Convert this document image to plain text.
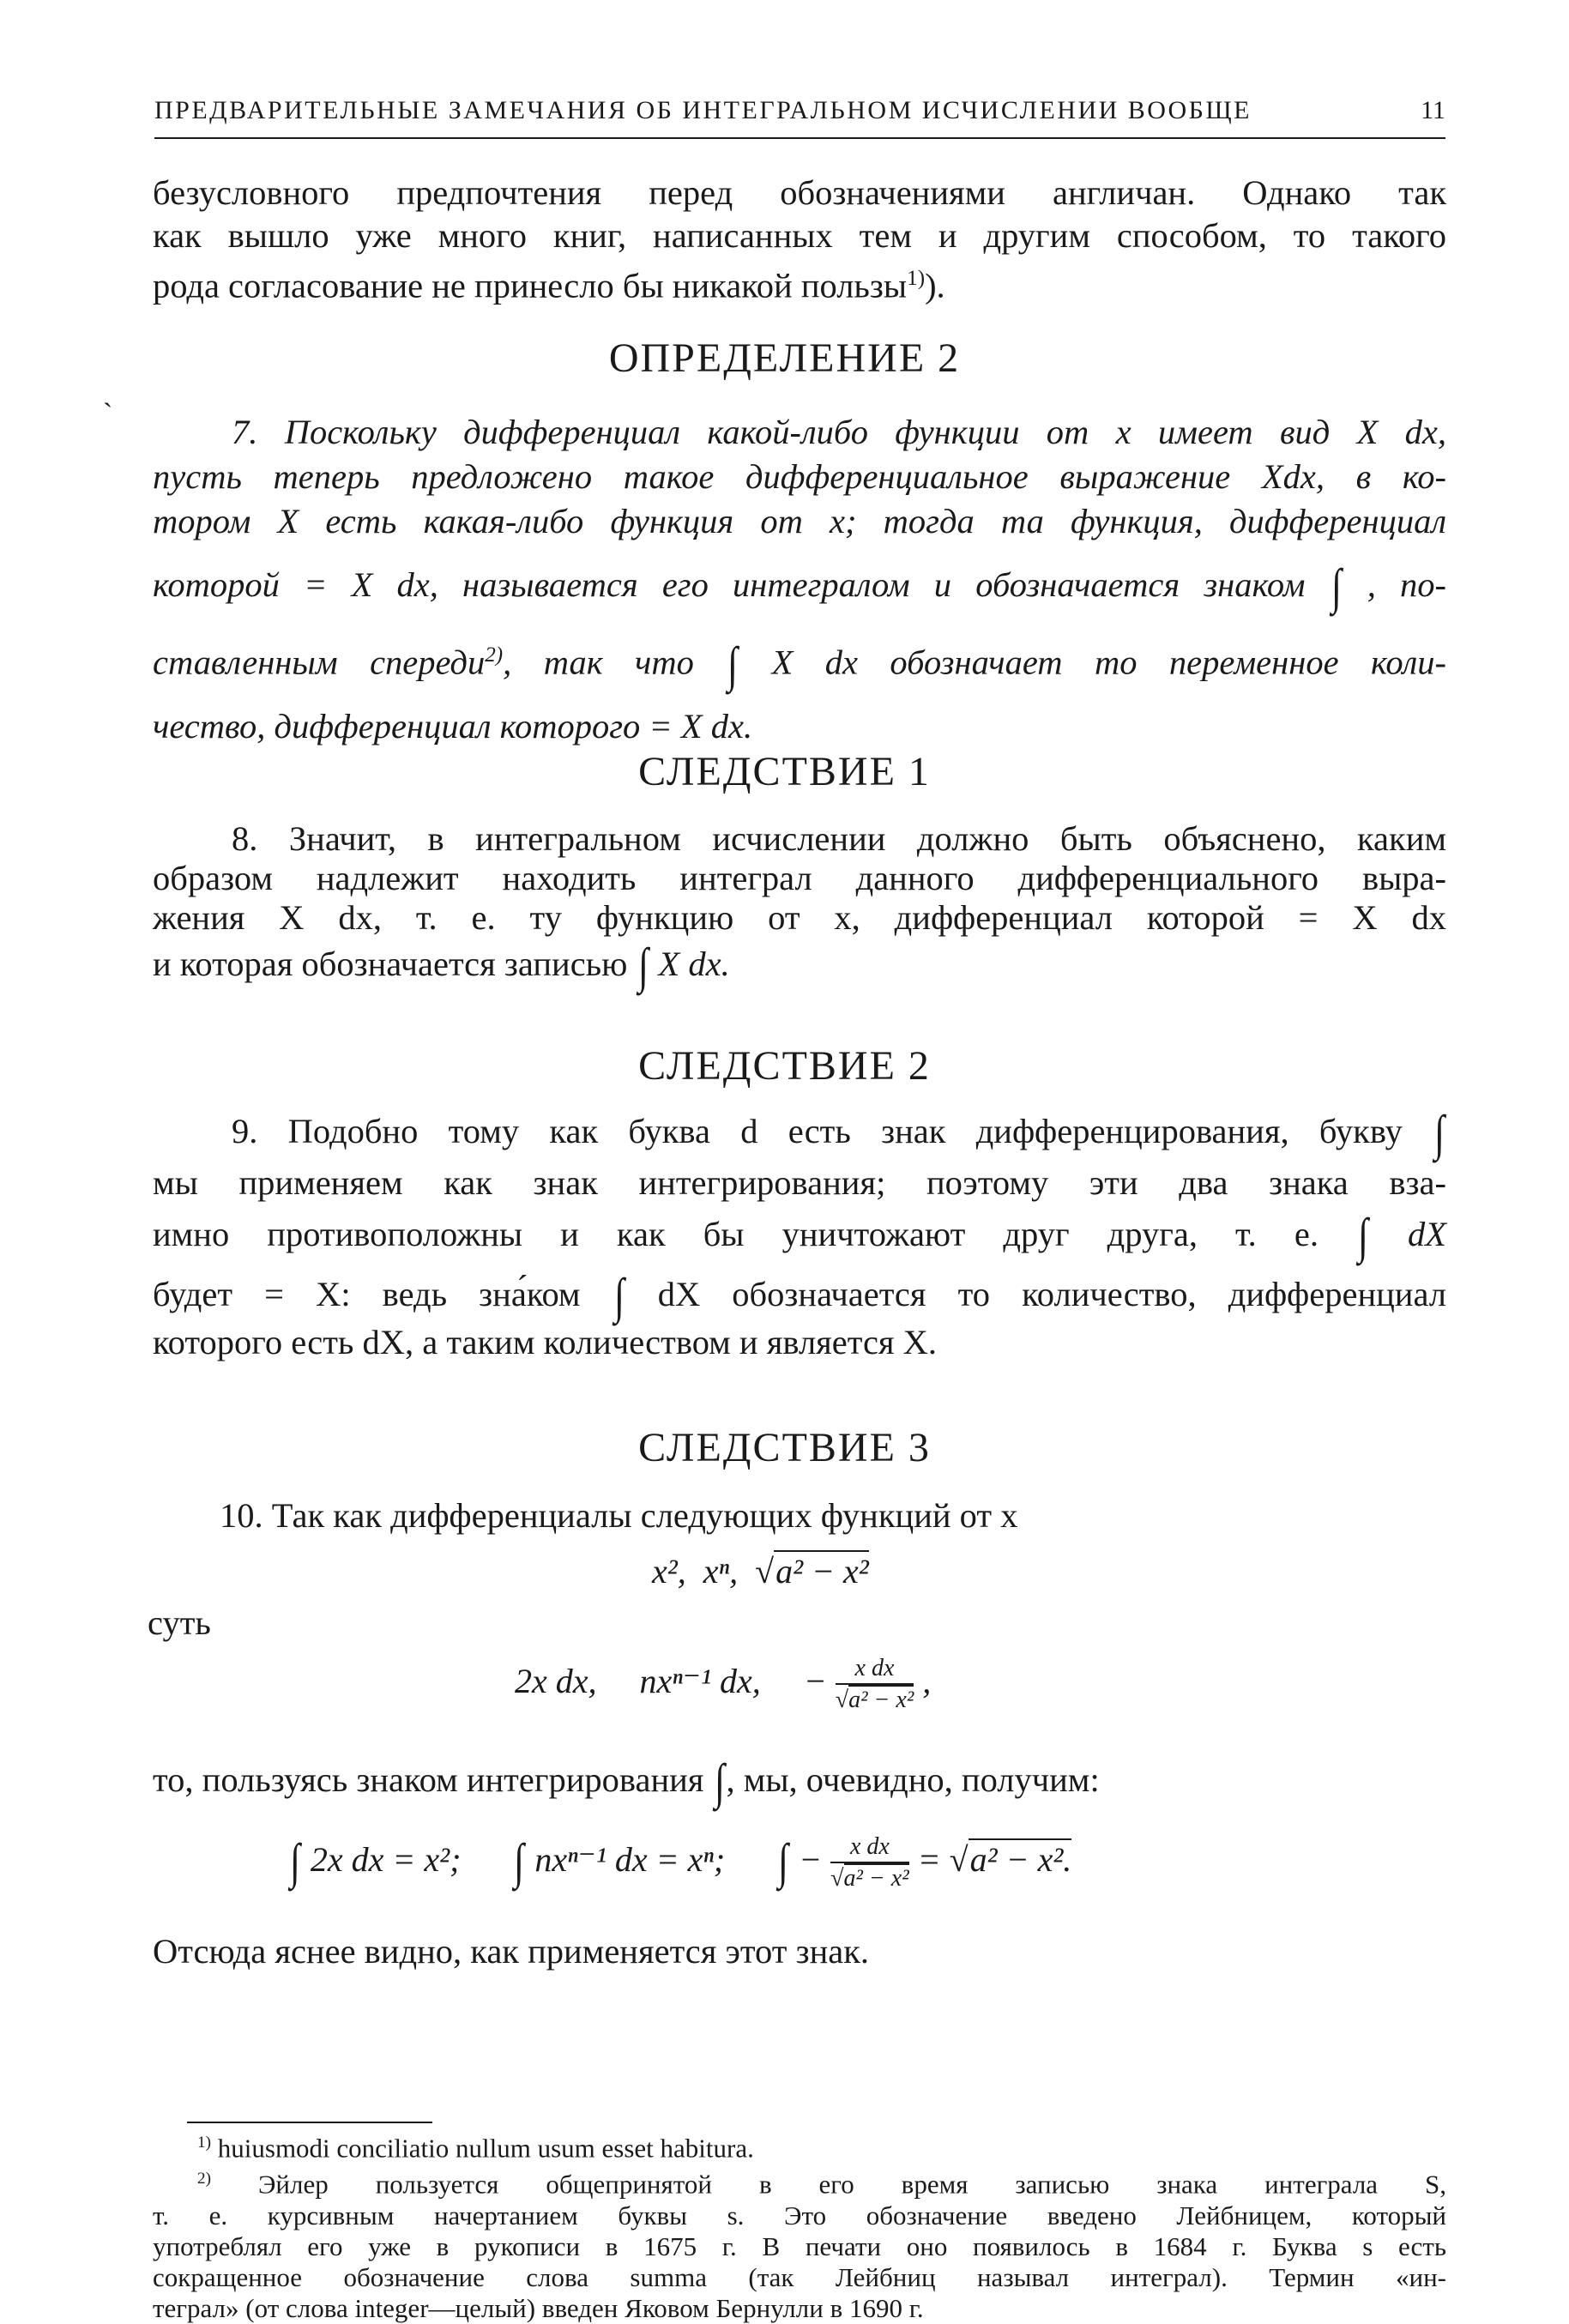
ПРЕДВАРИТЕЛЬНЫЕ ЗАМЕЧАНИЯ ОБ ИНТЕГРАЛЬНОМ ИСЧИСЛЕНИИ ВООБЩЕ	11
безусловного предпочтения перед обозначениями англичан. Однако так
как вышло уже много книг, написанных тем и другим способом, то такого
рода согласование не принесло бы никакой пользы$^{1)}$).
ˏ
ОПРЕДЕЛЕНИЕ 2
7. Поскольку дифференциал какой-либо функции от x имеет вид X dx,
пусть теперь предложено такое дифференциальное выражение Xdx, в ко-
тором X есть какая-либо функция от x; тогда та функция, дифференциал
которой = X dx, называется его интегралом и обозначается знаком ∫ , по-
ставленным спереди$^{2)}$, так что ∫ X dx обозначает то переменное коли-
чество, дифференциал которого = X dx.
СЛЕДСТВИЕ 1
8. Значит, в интегральном исчислении должно быть объяснено, каким
образом надлежит находить интеграл данного дифференциального выра-
жения X dx, т. е. ту функцию от x, дифференциал которой = X dx
и которая обозначается записью ∫ X dx.
СЛЕДСТВИЕ 2
9. Подобно тому как буква d есть знак дифференцирования, букву ∫
мы применяем как знак интегрирования; поэтому эти два знака вза-
имно противоположны и как бы уничтожают друг друга, т. е. ∫ dX
будет = X: ведь зна́ком ∫ dX обозначается то количество, дифференциал
которого есть dX, а таким количеством и является X.
СЛЕДСТВИЕ 3
10. Так как дифференциалы следующих функций от x
x², xⁿ, √a² − x²
суть
2x dx, nxⁿ⁻¹ dx, − $\frac{\text{x dx}}{\text{√a² − x²}}$ ,
то, пользуясь знаком интегрирования ∫, мы, очевидно, получим:
∫ 2x dx = x²; ∫ nxⁿ⁻¹ dx = xⁿ; ∫ − $\frac{\text{x dx}}{\text{√a² − x²}} = √a^2 - x^2$.
Отсюда яснее видно, как применяется этот знак.
$^{1)}$ huiusmodi conciliatio nullum usum esset habitura.
$^{2)}$ Эйлер пользуется общепринятой в его время записью знака интеграла S,
т. е. курсивным начертанием буквы s. Это обозначение введено Лейбницем, который
употреблял его уже в рукописи в 1675 г. В печати оно появилось в 1684 г. Буква s есть
сокращенное обозначение слова summa (так Лейбниц называл интеграл). Термин «ин-
теграл» (от слова integer—целый) введен Яковом Бернулли в 1690 г.
